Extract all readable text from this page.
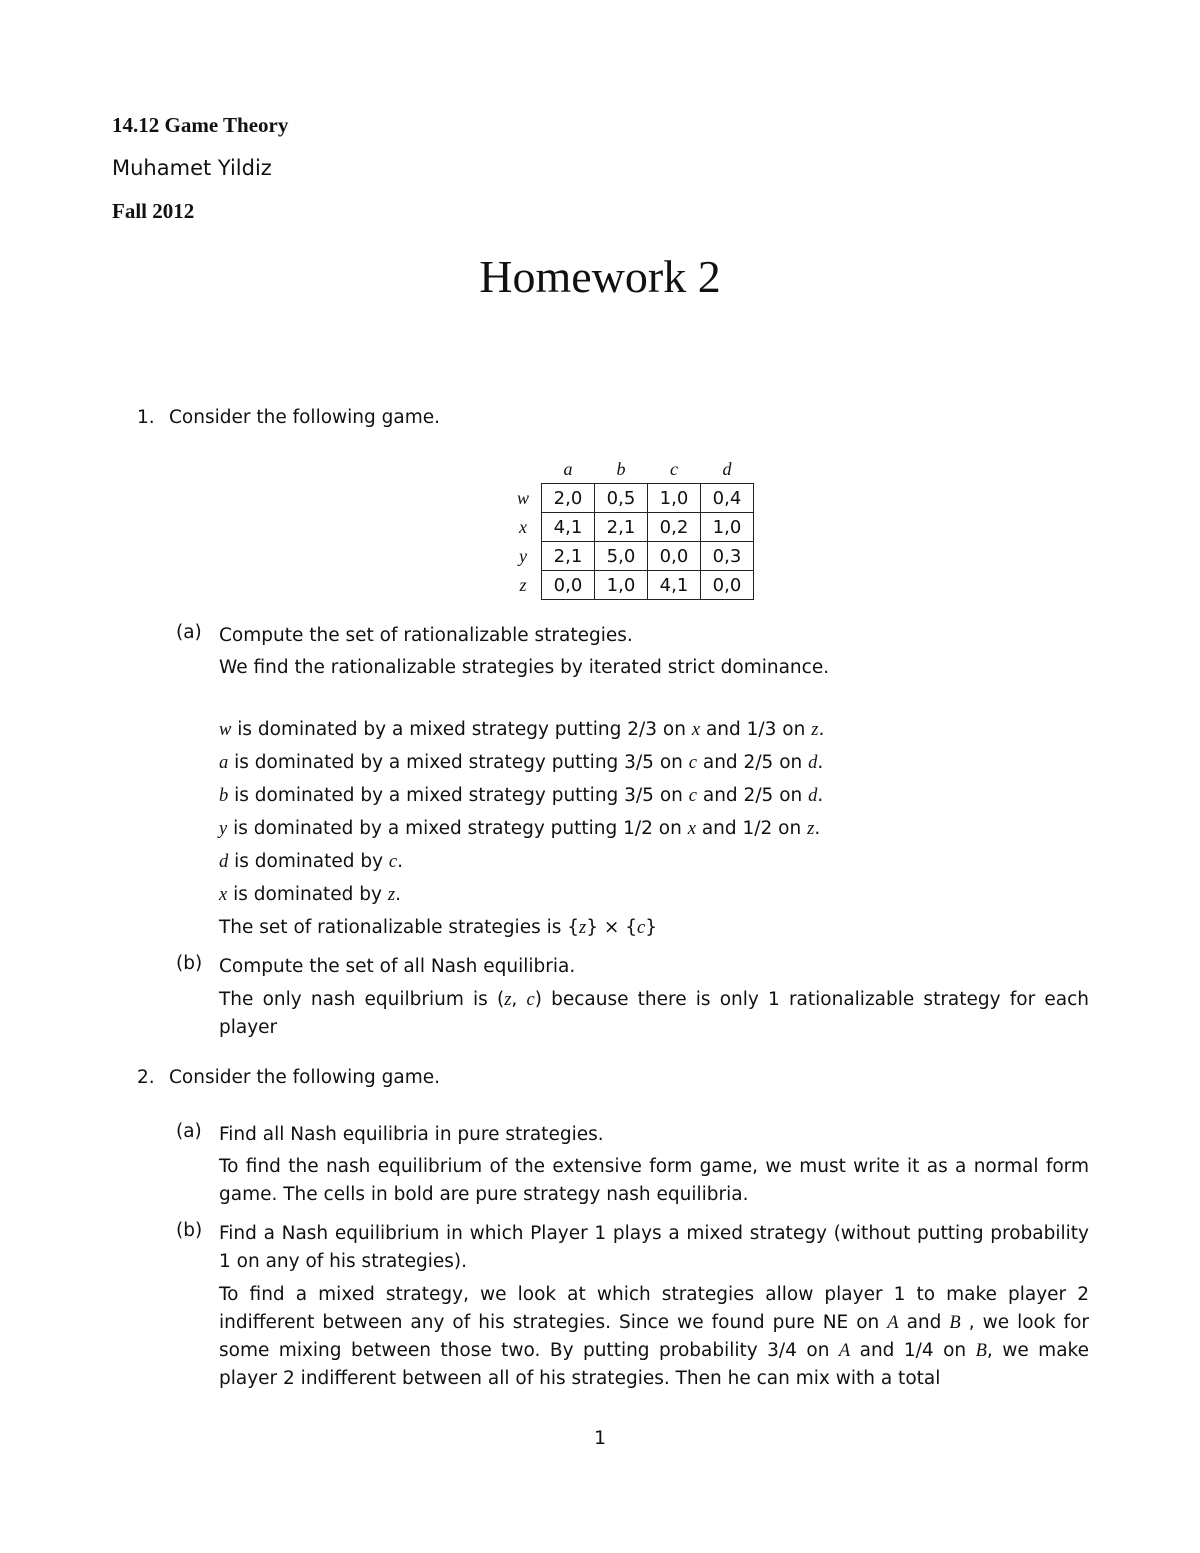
14.12 Game Theory
Muhamet Yildiz
Fall 2012
Homework 2
1. Consider the following game.
	a	b	c	d
w	2,0	0,5	1,0	0,4
x	4,1	2,1	0,2	1,0
y	2,1	5,0	0,0	0,3
z	0,0	1,0	4,1	0,0
(a) Compute the set of rationalizable strategies.
We find the rationalizable strategies by iterated strict dominance.
w is dominated by a mixed strategy putting 2/3 on x and 1/3 on z.
a is dominated by a mixed strategy putting 3/5 on c and 2/5 on d.
b is dominated by a mixed strategy putting 3/5 on c and 2/5 on d.
y is dominated by a mixed strategy putting 1/2 on x and 1/2 on z.
d is dominated by c.
x is dominated by z.
The set of rationalizable strategies is {z} × {c}
(b) Compute the set of all Nash equilibria.
The only nash equilbrium is (z, c) because there is only 1 rationalizable strategy for each player
2. Consider the following game.
(a) Find all Nash equilibria in pure strategies.
To find the nash equilibrium of the extensive form game, we must write it as a normal form game. The cells in bold are pure strategy nash equilibria.
(b) Find a Nash equilibrium in which Player 1 plays a mixed strategy (without putting probability 1 on any of his strategies).
To find a mixed strategy, we look at which strategies allow player 1 to make player 2 indifferent between any of his strategies. Since we found pure NE on A and B , we look for some mixing between those two. By putting probability 3/4 on A and 1/4 on B, we make player 2 indifferent between all of his strategies. Then he can mix with a total
1
